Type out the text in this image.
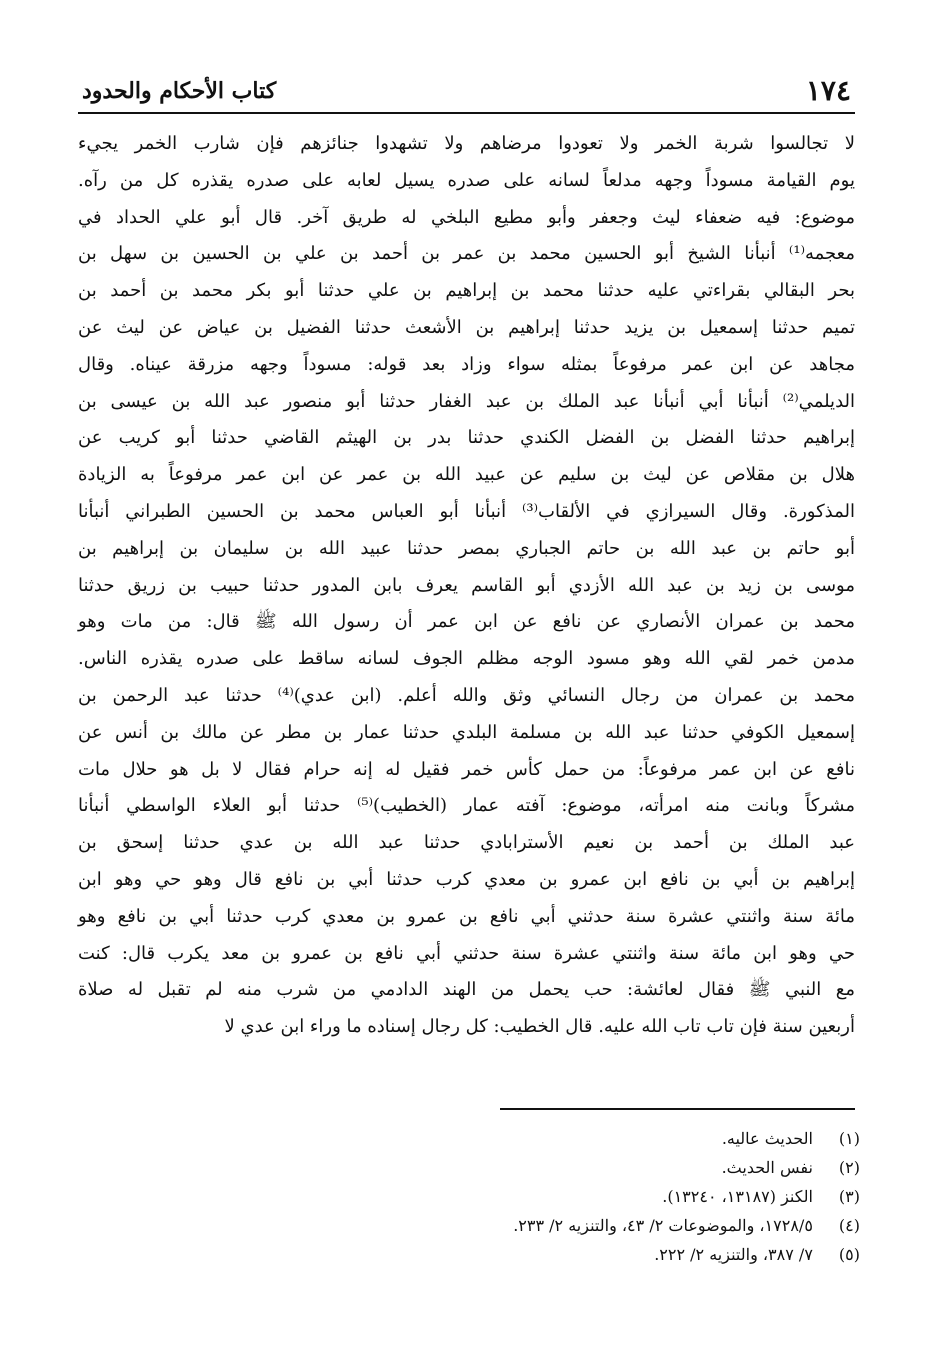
١٧٤
كتاب الأحكام والحدود

لا تجالسوا شربة الخمر ولا تعودوا مرضاهم ولا تشهدوا جنائزهم فإن شارب الخمر يجيء

يوم القيامة مسوداً وجهه مدلعاً لسانه على صدره يسيل لعابه على صدره يقذره كل من رآه.

موضوع: فيه ضعفاء ليث وجعفر وأبو مطيع البلخي له طريق آخر. قال أبو علي الحداد في

معجمه⁽¹⁾ أنبأنا الشيخ أبو الحسين محمد بن عمر بن أحمد بن علي بن الحسين بن سهل بن

بحر البقالي بقراءتي عليه حدثنا محمد بن إبراهيم بن علي حدثنا أبو بكر محمد بن أحمد بن

تميم حدثنا إسمعيل بن يزيد حدثنا إبراهيم بن الأشعث حدثنا الفضيل بن عياض عن ليث عن

مجاهد عن ابن عمر مرفوعاً بمثله سواء وزاد بعد قوله: مسوداً وجهه مزرقة عيناه. وقال

الديلمي⁽²⁾ أنبأنا أبي أنبأنا عبد الملك بن عبد الغفار حدثنا أبو منصور عبد الله بن عيسى بن

إبراهيم حدثنا الفضل بن الفضل الكندي حدثنا بدر بن الهيثم القاضي حدثنا أبو كريب عن

هلال بن مقلاص عن ليث بن سليم عن عبيد الله بن عمر عن ابن عمر مرفوعاً به الزيادة

المذكورة. وقال السيرازي في الألقاب⁽³⁾ أنبأنا أبو العباس محمد بن الحسين الطبراني أنبأنا

أبو حاتم بن عبد الله بن حاتم الجباري بمصر حدثنا عبيد الله بن سليمان بن إبراهيم بن

موسى بن زيد بن عبد الله الأزدي أبو القاسم يعرف بابن المدور حدثنا حبيب بن زريق حدثنا

محمد بن عمران الأنصاري عن نافع عن ابن عمر أن رسول الله ﷺ قال: من مات وهو

مدمن خمر لقي الله وهو مسود الوجه مظلم الجوف لسانه ساقط على صدره يقذره الناس.

محمد بن عمران من رجال النسائي وثق والله أعلم. (ابن عدي)⁽⁴⁾ حدثنا عبد الرحمن بن

إسمعيل الكوفي حدثنا عبد الله بن مسلمة البلدي حدثنا عمار بن مطر عن مالك بن أنس عن

نافع عن ابن عمر مرفوعاً: من حمل كأس خمر فقيل له إنه حرام فقال لا بل هو حلال مات

مشركاً وبانت منه امرأته، موضوع: آفته عمار (الخطيب)⁽⁵⁾ حدثنا أبو العلاء الواسطي أنبأنا

عبد الملك بن أحمد بن نعيم الأسترابادي حدثنا عبد الله بن عدي حدثنا إسحق بن

إبراهيم بن أبي بن نافع ابن عمرو بن معدي كرب حدثنا أبي بن نافع قال وهو حي وهو ابن

مائة سنة واثنتي عشرة سنة حدثني أبي نافع بن عمرو بن معدي كرب حدثنا أبي بن نافع وهو

حي وهو ابن مائة سنة واثنتي عشرة سنة حدثني أبي نافع بن عمرو بن معد يكرب قال: كنت

مع النبي ﷺ فقال لعائشة: حب يحمل من الهند الدادمي من شرب منه لم تقبل له صلاة

أربعين سنة فإن تاب تاب الله عليه. قال الخطيب: كل رجال إسناده ما وراء ابن عدي لا

(١) الحديث عاليه.
(٢) نفس الحديث.
(٣) الكنز (١٣١٨٧، ١٣٢٤٠).
(٤) ١٧٢٨/٥، والموضوعات ٢/ ٤٣، والتنزيه ٢/ ٢٣٣.
(٥) ٧/ ٣٨٧، والتنزيه ٢/ ٢٢٢.
